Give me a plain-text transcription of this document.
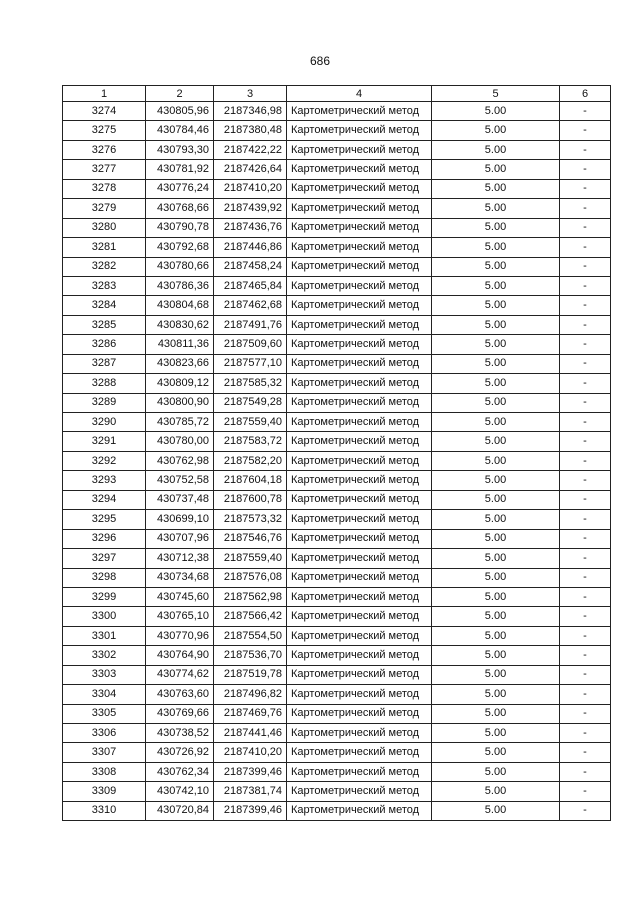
686
1	2	3	4	5	6
3274	430805,96	2187346,98	Картометрический метод	5.00	-
3275	430784,46	2187380,48	Картометрический метод	5.00	-
3276	430793,30	2187422,22	Картометрический метод	5.00	-
3277	430781,92	2187426,64	Картометрический метод	5.00	-
3278	430776,24	2187410,20	Картометрический метод	5.00	-
3279	430768,66	2187439,92	Картометрический метод	5.00	-
3280	430790,78	2187436,76	Картометрический метод	5.00	-
3281	430792,68	2187446,86	Картометрический метод	5.00	-
3282	430780,66	2187458,24	Картометрический метод	5.00	-
3283	430786,36	2187465,84	Картометрический метод	5.00	-
3284	430804,68	2187462,68	Картометрический метод	5.00	-
3285	430830,62	2187491,76	Картометрический метод	5.00	-
3286	430811,36	2187509,60	Картометрический метод	5.00	-
3287	430823,66	2187577,10	Картометрический метод	5.00	-
3288	430809,12	2187585,32	Картометрический метод	5.00	-
3289	430800,90	2187549,28	Картометрический метод	5.00	-
3290	430785,72	2187559,40	Картометрический метод	5.00	-
3291	430780,00	2187583,72	Картометрический метод	5.00	-
3292	430762,98	2187582,20	Картометрический метод	5.00	-
3293	430752,58	2187604,18	Картометрический метод	5.00	-
3294	430737,48	2187600,78	Картометрический метод	5.00	-
3295	430699,10	2187573,32	Картометрический метод	5.00	-
3296	430707,96	2187546,76	Картометрический метод	5.00	-
3297	430712,38	2187559,40	Картометрический метод	5.00	-
3298	430734,68	2187576,08	Картометрический метод	5.00	-
3299	430745,60	2187562,98	Картометрический метод	5.00	-
3300	430765,10	2187566,42	Картометрический метод	5.00	-
3301	430770,96	2187554,50	Картометрический метод	5.00	-
3302	430764,90	2187536,70	Картометрический метод	5.00	-
3303	430774,62	2187519,78	Картометрический метод	5.00	-
3304	430763,60	2187496,82	Картометрический метод	5.00	-
3305	430769,66	2187469,76	Картометрический метод	5.00	-
3306	430738,52	2187441,46	Картометрический метод	5.00	-
3307	430726,92	2187410,20	Картометрический метод	5.00	-
3308	430762,34	2187399,46	Картометрический метод	5.00	-
3309	430742,10	2187381,74	Картометрический метод	5.00	-
3310	430720,84	2187399,46	Картометрический метод	5.00	-
